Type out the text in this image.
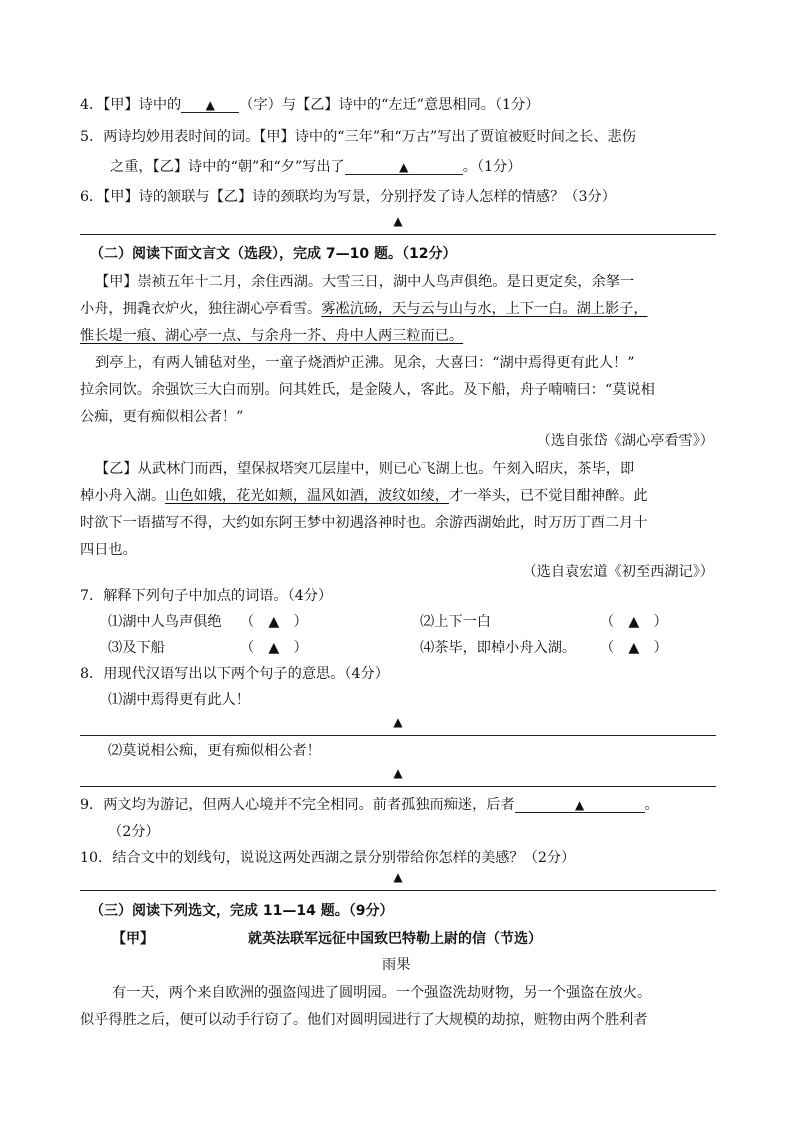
4．【甲】诗中的 ▲ （字）与【乙】诗中的“左迁”意思相同。（1分）
5．两诗均妙用表时间的词。【甲】诗中的“三年”和“万古”写出了贾谊被贬时间之长、悲伤
之重，【乙】诗中的“朝”和“夕”写出了	▲	。（1分）
6．【甲】诗的颔联与【乙】诗的颈联均为写景，分别抒发了诗人怎样的情感？（3分）
▲
（二）阅读下面文言文（选段），完成 7—10 题。（12分）
【甲】崇祯五年十二月，余住西湖。大雪三日，湖中人鸟声俱绝。是日更定矣，余拏一
小舟，拥毳衣炉火，独往湖心亭看雪。雾凇沆砀，天与云与山与水，上下一白。湖上影子，
惟长堤一痕、湖心亭一点、与余舟一芥、舟中人两三粒而已。
到亭上，有两人铺毡对坐，一童子烧酒炉正沸。见余，大喜曰：“湖中焉得更有此人！”
拉余同饮。余强饮三大白而别。问其姓氏，是金陵人，客此。及下船，舟子喃喃曰：“莫说相
公痴，更有痴似相公者！”
（选自张岱《湖心亭看雪》）
【乙】从武林门而西，望保叔塔突兀层崖中，则已心飞湖上也。午刻入昭庆，茶毕，即
棹小舟入湖。山色如娥，花光如颊，温风如酒，波纹如绫，才一举头，已不觉目酣神醉。此
时欲下一语描写不得，大约如东阿王梦中初遇洛神时也。余游西湖始此，时万历丁酉二月十
四日也。
（选自袁宏道《初至西湖记》）
7．解释下列句子中加点的词语。（4分）
⑴湖中人鸟声俱绝 （　▲　）	⑵上下一白	（　▲　）
⑶及下船	（　▲　）	⑷茶毕，即棹小舟入湖。 （　▲　）
8．用现代汉语写出以下两个句子的意思。（4分）
⑴湖中焉得更有此人！
▲
⑵莫说相公痴，更有痴似相公者！
▲
9．两文均为游记，但两人心境并不完全相同。前者孤独而痴迷，后者	▲	。
（2分）
10．结合文中的划线句，说说这两处西湖之景分别带给你怎样的美感？（2分）
▲
（三）阅读下列选文，完成 11—14 题。（9分）
【甲】	就英法联军远征中国致巴特勒上尉的信（节选）
雨果
有一天，两个来自欧洲的强盗闯进了圆明园。一个强盗洗劫财物，另一个强盗在放火。
似乎得胜之后，便可以动手行窃了。他们对圆明园进行了大规模的劫掠，赃物由两个胜利者
